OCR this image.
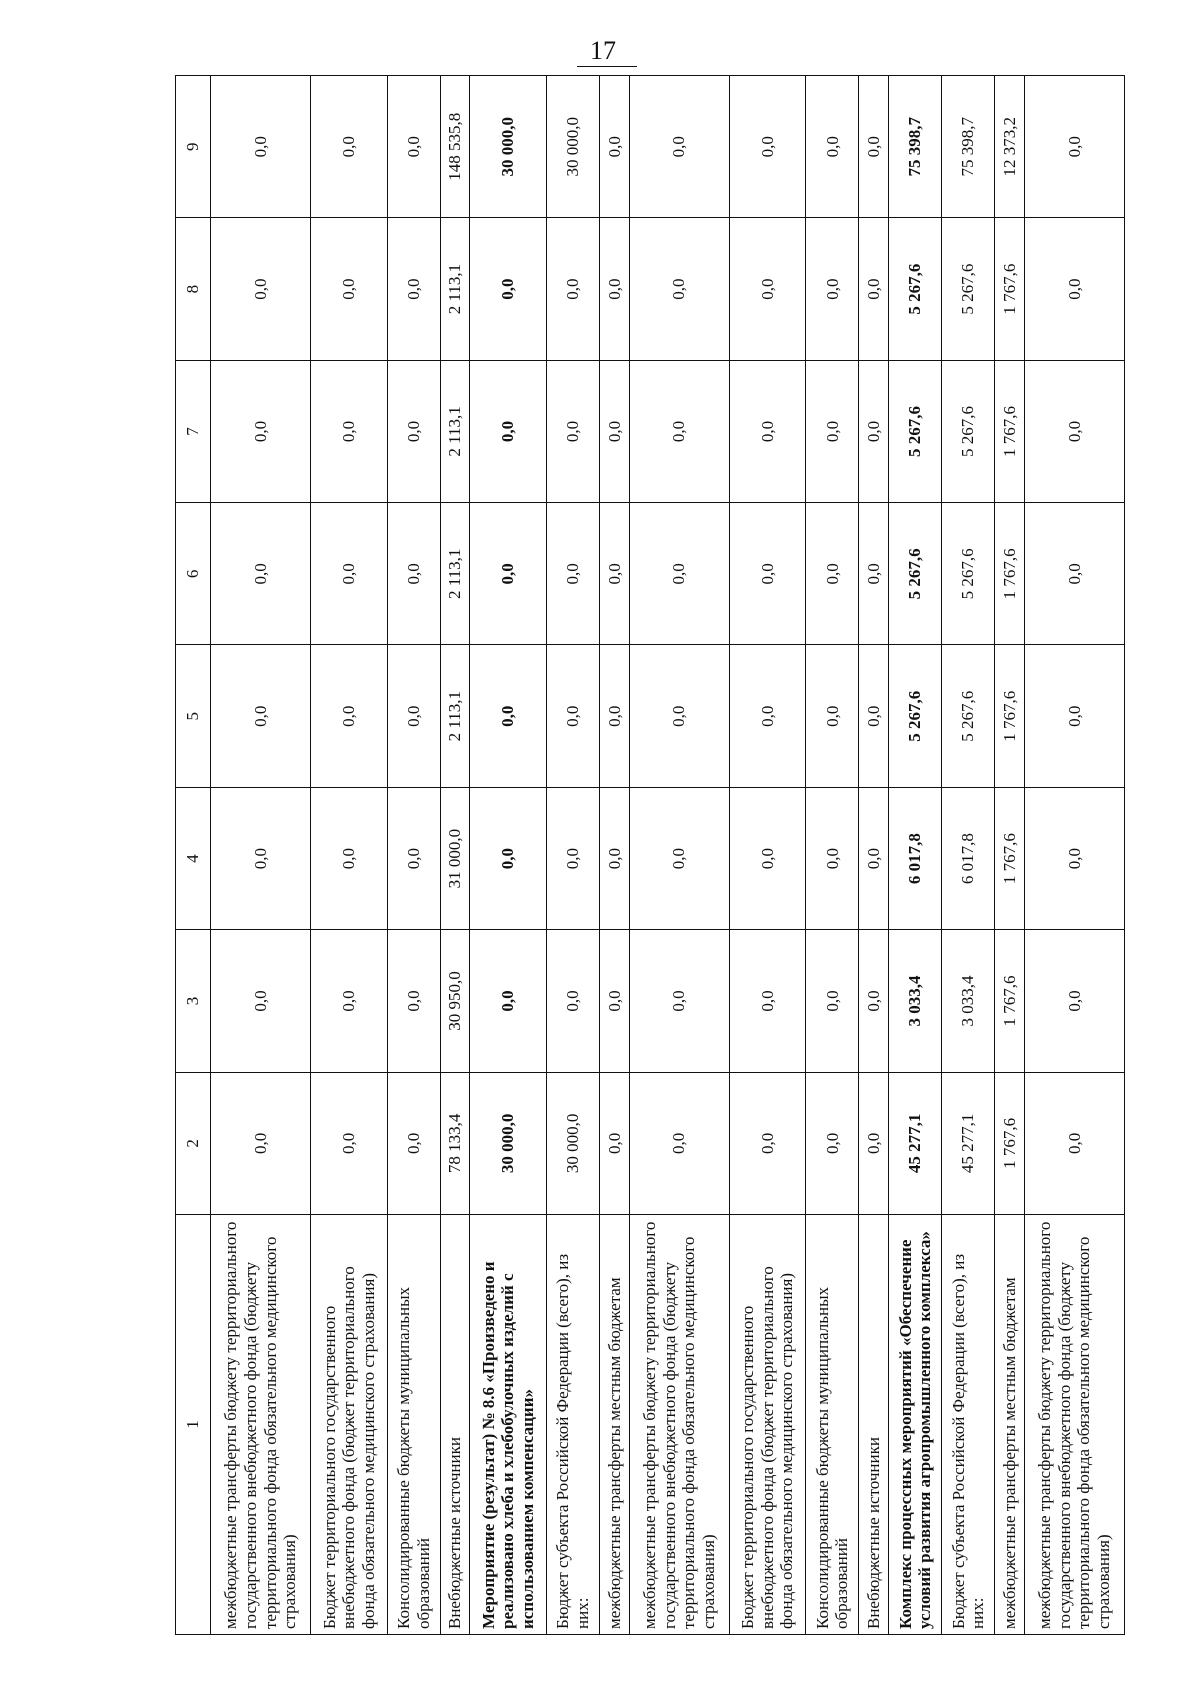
17
1	2	3	4	5	6	7	8	9
межбюджетные трансферты бюджету территориального государственного внебюджетного фонда (бюджету территориального фонда обязательного медицинского страхования)	0,0	0,0	0,0	0,0	0,0	0,0	0,0	0,0
Бюджет территориального государственного внебюджетного фонда (бюджет территориального фонда обязательного медицинского страхования)	0,0	0,0	0,0	0,0	0,0	0,0	0,0	0,0
Консолидированные бюджеты муниципальных образований	0,0	0,0	0,0	0,0	0,0	0,0	0,0	0,0
Внебюджетные источники	78 133,4	30 950,0	31 000,0	2 113,1	2 113,1	2 113,1	2 113,1	148 535,8
Мероприятие (результат) № 8.6 «Произведено и реализовано хлеба и хлебобулочных изделий с использованием компенсации»	30 000,0	0,0	0,0	0,0	0,0	0,0	0,0	30 000,0
Бюджет субъекта Российской Федерации (всего), из них:	30 000,0	0,0	0,0	0,0	0,0	0,0	0,0	30 000,0
межбюджетные трансферты местным бюджетам	0,0	0,0	0,0	0,0	0,0	0,0	0,0	0,0
межбюджетные трансферты бюджету территориального государственного внебюджетного фонда (бюджету территориального фонда обязательного медицинского страхования)	0,0	0,0	0,0	0,0	0,0	0,0	0,0	0,0
Бюджет территориального государственного внебюджетного фонда (бюджет территориального фонда обязательного медицинского страхования)	0,0	0,0	0,0	0,0	0,0	0,0	0,0	0,0
Консолидированные бюджеты муниципальных образований	0,0	0,0	0,0	0,0	0,0	0,0	0,0	0,0
Внебюджетные источники	0,0	0,0	0,0	0,0	0,0	0,0	0,0	0,0
Комплекс процессных мероприятий «Обеспечение условий развития агропромышленного комплекса»	45 277,1	3 033,4	6 017,8	5 267,6	5 267,6	5 267,6	5 267,6	75 398,7
Бюджет субъекта Российской Федерации (всего), из них:	45 277,1	3 033,4	6 017,8	5 267,6	5 267,6	5 267,6	5 267,6	75 398,7
межбюджетные трансферты местным бюджетам	1 767,6	1 767,6	1 767,6	1 767,6	1 767,6	1 767,6	1 767,6	12 373,2
межбюджетные трансферты бюджету территориального государственного внебюджетного фонда (бюджету территориального фонда обязательного медицинского страхования)	0,0	0,0	0,0	0,0	0,0	0,0	0,0	0,0
